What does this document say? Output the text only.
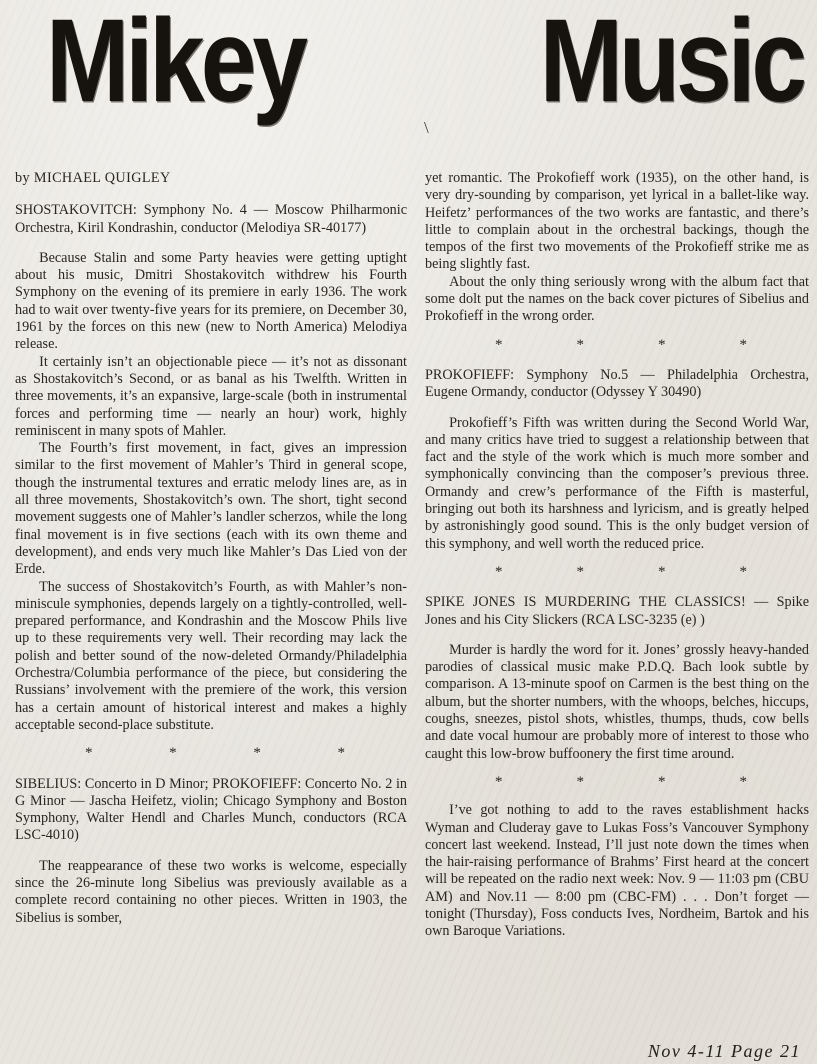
Mikey Music
\

by MICHAEL QUIGLEY

SHOSTAKOVITCH: Symphony No. 4 — Moscow Philharmonic Orchestra, Kiril Kondrashin, conductor (Melodiya SR-40177)

Because Stalin and some Party heavies were getting uptight about his music, Dmitri Shostakovitch withdrew his Fourth Symphony on the evening of its premiere in early 1936. The work had to wait over twenty-five years for its premiere, on December 30, 1961 by the forces on this new (new to North America) Melodiya release.

It certainly isn’t an objectionable piece — it’s not as dissonant as Shostakovitch’s Second, or as banal as his Twelfth. Written in three movements, it’s an expansive, large-scale (both in instrumental forces and performing time — nearly an hour) work, highly reminiscent in many spots of Mahler.

The Fourth’s first movement, in fact, gives an impression similar to the first movement of Mahler’s Third in general scope, though the instrumental textures and erratic melody lines are, as in all three movements, Shostakovitch’s own. The short, tight second movement suggests one of Mahler’s landler scherzos, while the long final movement is in five sections (each with its own theme and development), and ends very much like Mahler’s Das Lied von der Erde.

The success of Shostakovitch’s Fourth, as with Mahler’s non-miniscule symphonies, depends largely on a tightly-controlled, well-prepared performance, and Kondrashin and the Moscow Phils live up to these requirements very well. Their recording may lack the polish and better sound of the now-deleted Ormandy/Philadelphia Orchestra/Columbia performance of the piece, but considering the Russians’ involvement with the premiere of the work, this version has a certain amount of historical interest and makes a highly acceptable second-place substitute.

*	*	*	*

SIBELIUS: Concerto in D Minor; PROKOFIEFF: Concerto No. 2 in G Minor — Jascha Heifetz, violin; Chicago Symphony and Boston Symphony, Walter Hendl and Charles Munch, conductors (RCA LSC-4010)

The reappearance of these two works is welcome, especially since the 26-minute long Sibelius was previously available as a complete record containing no other pieces. Written in 1903, the Sibelius is somber,

yet romantic. The Prokofieff work (1935), on the other hand, is very dry-sounding by comparison, yet lyrical in a ballet-like way. Heifetz’ performances of the two works are fantastic, and there’s little to complain about in the orchestral backings, though the tempos of the first two movements of the Prokofieff strike me as being slightly fast.

About the only thing seriously wrong with the album fact that some dolt put the names on the back cover pictures of Sibelius and Prokofieff in the wrong order.

*	*	*	*

PROKOFIEFF: Symphony No.5 — Philadelphia Orchestra, Eugene Ormandy, conductor (Odyssey Y 30490)

Prokofieff’s Fifth was written during the Second World War, and many critics have tried to suggest a relationship between that fact and the style of the work which is much more somber and symphonically convincing than the composer’s previous three. Ormandy and crew’s performance of the Fifth is masterful, bringing out both its harshness and lyricism, and is greatly helped by astronishingly good sound. This is the only budget version of this symphony, and well worth the reduced price.

*	*	*	*

SPIKE JONES IS MURDERING THE CLASSICS! — Spike Jones and his City Slickers (RCA LSC-3235 (e) )

Murder is hardly the word for it. Jones’ grossly heavy-handed parodies of classical music make P.D.Q. Bach look subtle by comparison. A 13-minute spoof on Carmen is the best thing on the album, but the shorter numbers, with the whoops, belches, hiccups, coughs, sneezes, pistol shots, whistles, thumps, thuds, cow bells and date vocal humour are probably more of interest to those who caught this low-brow buffoonery the first time around.

*	*	*	*

I’ve got nothing to add to the raves establishment hacks Wyman and Cluderay gave to Lukas Foss’s Vancouver Symphony concert last weekend. Instead, I’ll just note down the times when the hair-raising performance of Brahms’ First heard at the concert will be repeated on the radio next week: Nov. 9 — 11:03 pm (CBU AM) and Nov.11 — 8:00 pm (CBC-FM) . . . Don’t forget — tonight (Thursday), Foss conducts Ives, Nordheim, Bartok and his own Baroque Variations.

Nov 4-11 Page 21
